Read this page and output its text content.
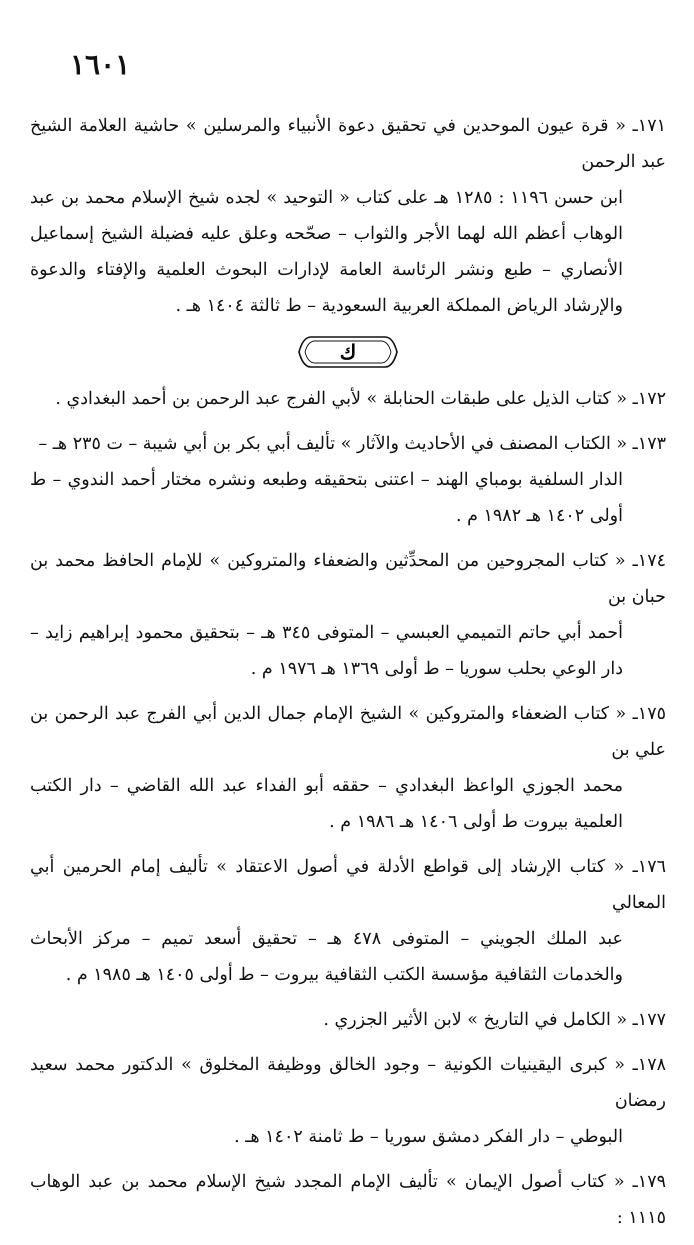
١٦٠١
١٧١ـ « قرة عيون الموحدين في تحقيق دعوة الأنبياء والمرسلين » حاشية العلامة الشيخ عبد الرحمن
ابن حسن ١١٩٦ : ١٢٨٥ هـ على كتاب « التوحيد » لجده شيخ الإسلام محمد بن عبد الوهاب أعظم الله لهما الأجر والثواب – صحّحه وعلق عليه فضيلة الشيخ إسماعيل الأنصاري – طبع ونشر الرئاسة العامة لإدارات البحوث العلمية والإفتاء والدعوة والإرشاد الرياض المملكة العربية السعودية – ط ثالثة ١٤٠٤ هـ .
ك
١٧٢ـ « كتاب الذيل على طبقات الحنابلة » لأبي الفرج عبد الرحمن بن أحمد البغدادي .
١٧٣ـ « الكتاب المصنف في الأحاديث والآثار » تأليف أبي بكر بن أبي شيبة – ت ٢٣٥ هـ –
الدار السلفية بومباي الهند – اعتنى بتحقيقه وطبعه ونشره مختار أحمد الندوي – ط أولى ١٤٠٢ هـ ١٩٨٢ م .
١٧٤ـ « كتاب المجروحين من المحدِّثين والضعفاء والمتروكين » للإمام الحافظ محمد بن حبان بن
أحمد أبي حاتم التميمي العبسي – المتوفى ٣٤٥ هـ – بتحقيق محمود إبراهيم زايد – دار الوعي بحلب سوريا – ط أولى ١٣٦٩ هـ ١٩٧٦ م .
١٧٥ـ « كتاب الضعفاء والمتروكين » الشيخ الإمام جمال الدين أبي الفرج عبد الرحمن بن علي بن
محمد الجوزي الواعظ البغدادي – حققه أبو الفداء عبد الله القاضي – دار الكتب العلمية بيروت ط أولى ١٤٠٦ هـ ١٩٨٦ م .
١٧٦ـ « كتاب الإرشاد إلى قواطع الأدلة في أصول الاعتقاد » تأليف إمام الحرمين أبي المعالي
عبد الملك الجويني – المتوفى ٤٧٨ هـ – تحقيق أسعد تميم – مركز الأبحاث والخدمات الثقافية مؤسسة الكتب الثقافية بيروت – ط أولى ١٤٠٥ هـ ١٩٨٥ م .
١٧٧ـ « الكامل في التاريخ » لابن الأثير الجزري .
١٧٨ـ « كبرى اليقينيات الكونية – وجود الخالق ووظيفة المخلوق » الدكتور محمد سعيد رمضان
البوطي – دار الفكر دمشق سوريا – ط ثامنة ١٤٠٢ هـ .
١٧٩ـ « كتاب أصول الإيمان » تأليف الإمام المجدد شيخ الإسلام محمد بن عبد الوهاب ١١١٥ :
